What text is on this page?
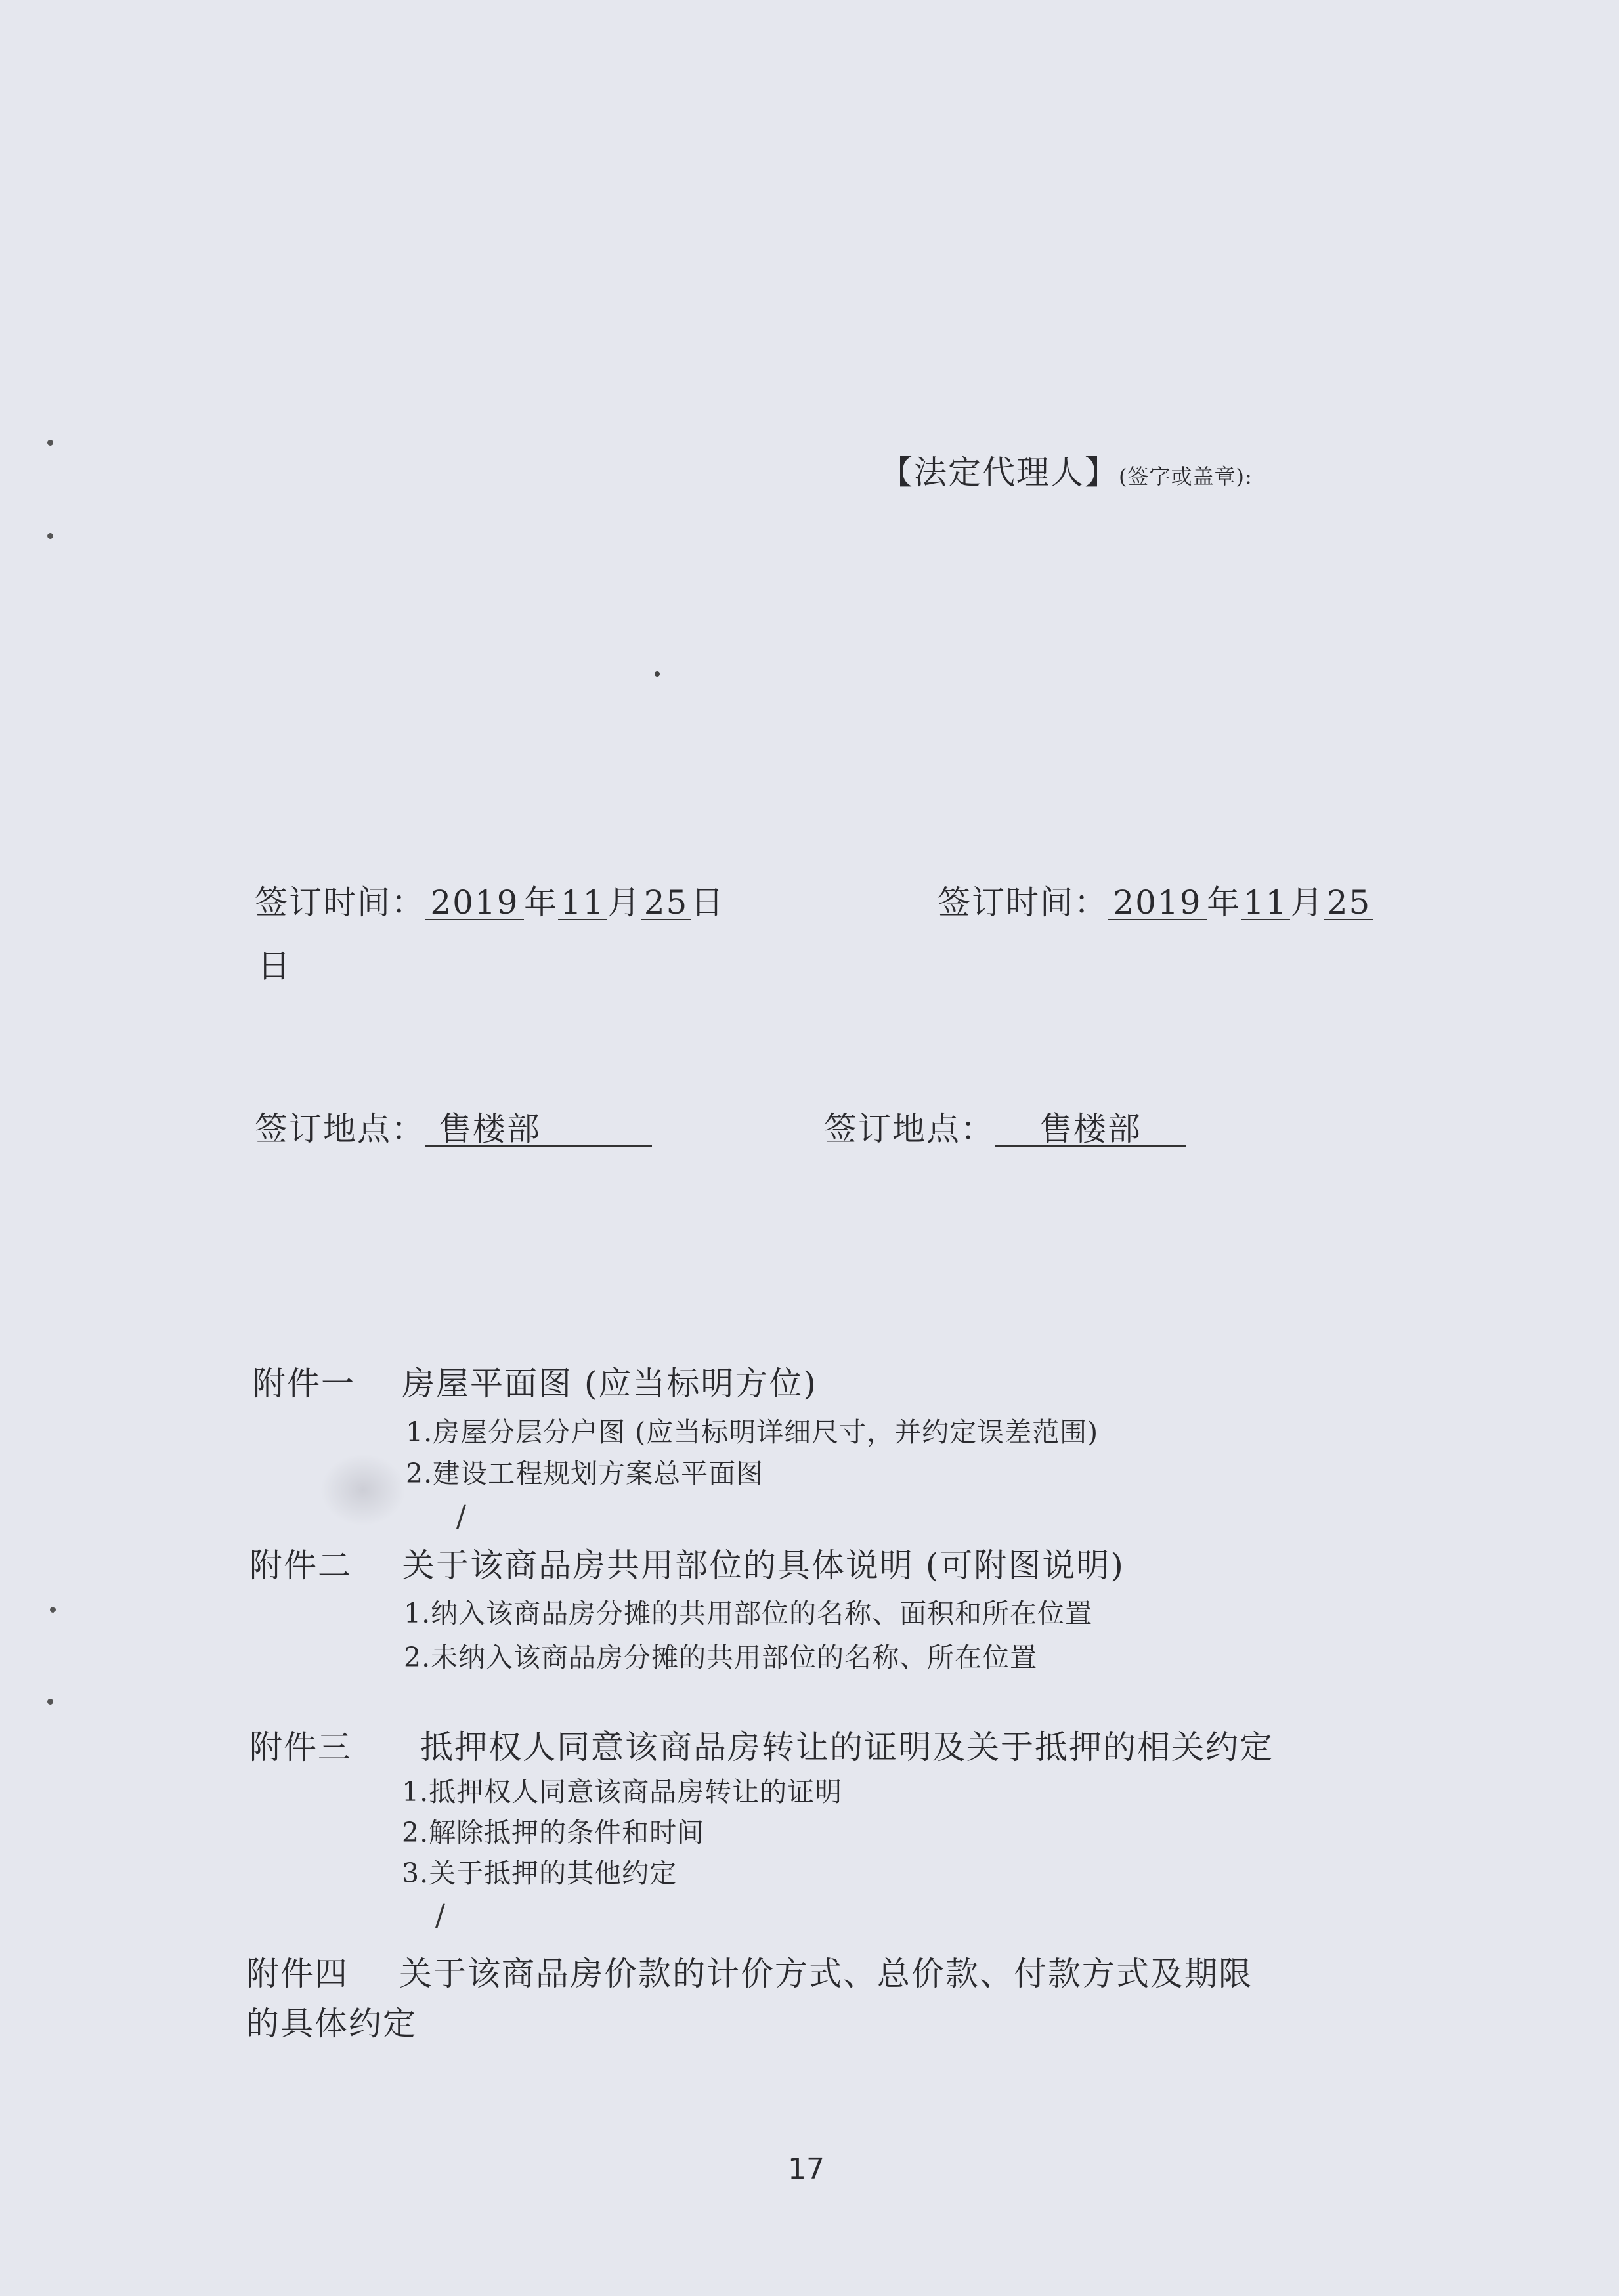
【法定代理人】(签字或盖章):
签订时间： 2019 年11月25日	签订时间： 2019 年11月25
日
签订地点： 售楼部	签订地点： 售楼部
附件一 房屋平面图 (应当标明方位)
1.房屋分层分户图 (应当标明详细尺寸，并约定误差范围)
2.建设工程规划方案总平面图
/
附件二 关于该商品房共用部位的具体说明 (可附图说明)
1.纳入该商品房分摊的共用部位的名称、面积和所在位置
2.未纳入该商品房分摊的共用部位的名称、所在位置
附件三 抵押权人同意该商品房转让的证明及关于抵押的相关约定
1.抵押权人同意该商品房转让的证明
2.解除抵押的条件和时间
3.关于抵押的其他约定
/
附件四 关于该商品房价款的计价方式、总价款、付款方式及期限
的具体约定
17
